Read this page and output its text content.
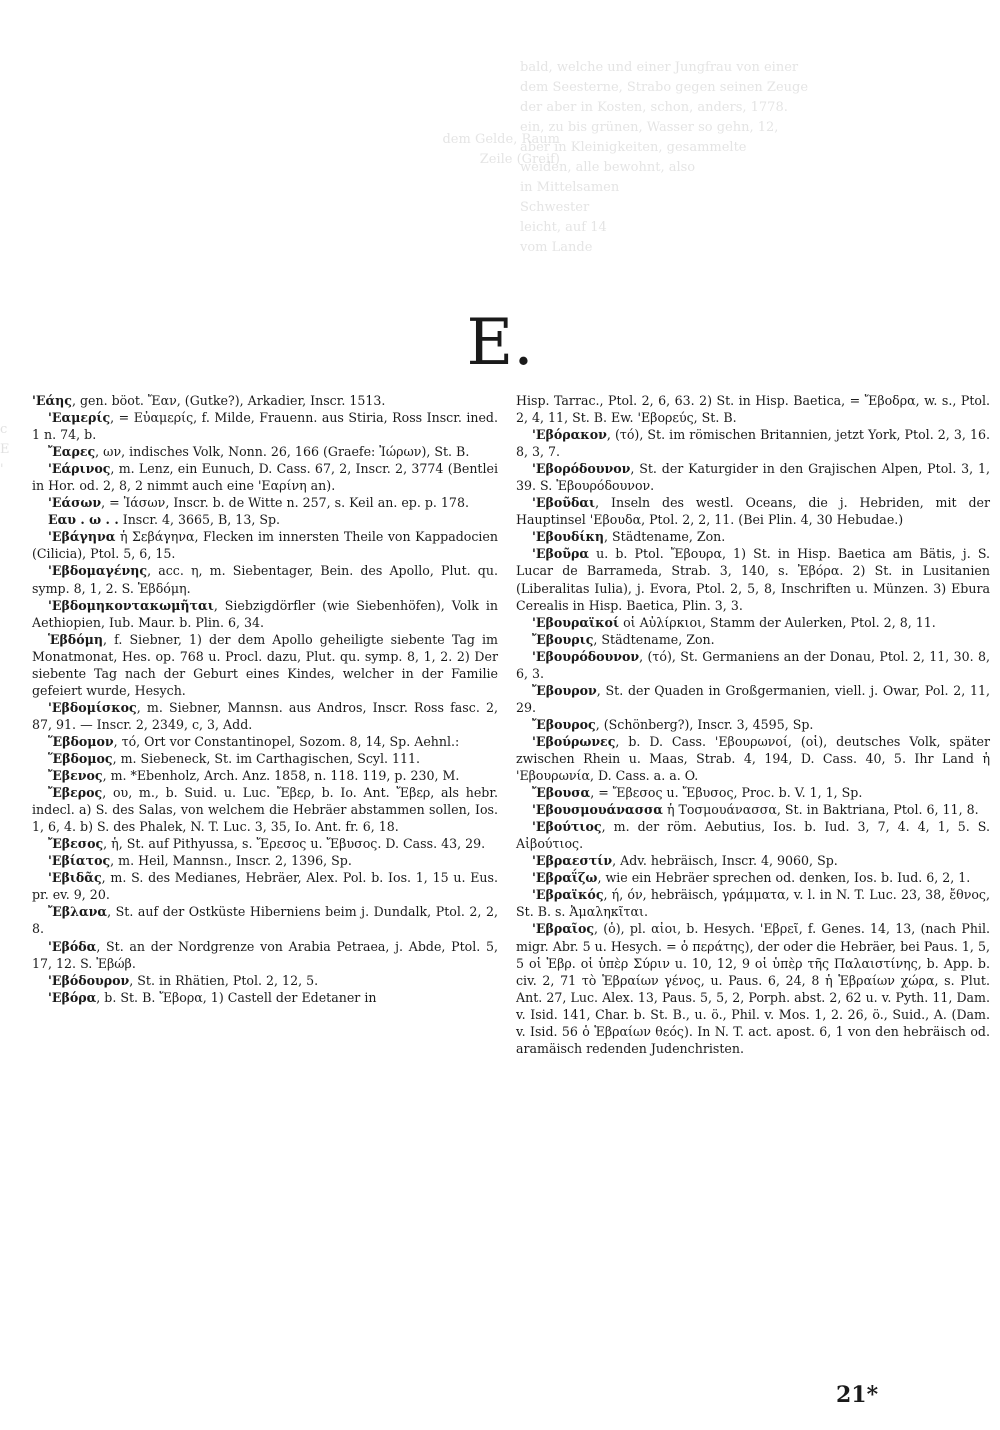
bald, welche und einer Jungfrau von einer
dem Seesterne, Strabo gegen seinen Zeuge
der aber in Kosten, schon, anders, 1778.
ein, zu bis grünen, Wasser so gehn, 12,
aber in Kleinigkeiten, gesammelte
weiden, alle bewohnt, also
in Mittelsamen
Schwester
leicht, auf 14
vom Lande
dem Gelde, Raum
Zeile (Greif)
c
E
'
E.

'Εάης, gen. böot. Ἔαν, (Gutke?), Arkadier, Inscr. 1513.

'Εαμερίς, = Εὐαμερίς, f. Milde, Frauenn. aus Stiria, Ross Inscr. ined. 1 n. 74, b.

Ἔαρες, ων, indisches Volk, Nonn. 26, 166 (Graefe: Ἰώρων), St. B.

'Εάρινος, m. Lenz, ein Eunuch, D. Cass. 67, 2, Inscr. 2, 3774 (Bentlei in Hor. od. 2, 8, 2 nimmt auch eine 'Εαρίνη an).

'Εάσων, = Ἰάσων, Inscr. b. de Witte n. 257, s. Keil an. ep. p. 178.

Εαυ . ω . . Inscr. 4, 3665, B, 13, Sp.

'Εβάγηνα ἡ Σεβάγηνα, Flecken im innersten Theile von Kappadocien (Cilicia), Ptol. 5, 6, 15.

'Εβδομαγένης, acc. η, m. Siebentager, Bein. des Apollo, Plut. qu. symp. 8, 1, 2. S. Ἑβδόμη.

'Εβδομηκοντακωμῆται, Siebzigdörfler (wie Siebenhöfen), Volk in Aethiopien, Iub. Maur. b. Plin. 6, 34.

Ἑβδόμη, f. Siebner, 1) der dem Apollo geheiligte siebente Tag im Monatmonat, Hes. op. 768 u. Procl. dazu, Plut. qu. symp. 8, 1, 2. 2) Der siebente Tag nach der Geburt eines Kindes, welcher in der Familie gefeiert wurde, Hesych.

'Εβδομίσκος, m. Siebner, Mannsn. aus Andros, Inscr. Ross fasc. 2, 87, 91. — Inscr. 2, 2349, c, 3, Add.

Ἕβδομον, τό, Ort vor Constantinopel, Sozom. 8, 14, Sp. Aehnl.:

Ἕβδομος, m. Siebeneck, St. im Carthagischen, Scyl. 111.

Ἔβενος, m. *Ebenholz, Arch. Anz. 1858, n. 118. 119, p. 230, M.

Ἔβερος, ου, m., b. Suid. u. Luc. Ἔβερ, b. Io. Ant. Ἔβερ, als hebr. indecl. a) S. des Salas, von welchem die Hebräer abstammen sollen, Ios. 1, 6, 4. b) S. des Phalek, N. T. Luc. 3, 35, Io. Ant. fr. 6, 18.

Ἔβεσος, ἡ, St. auf Pithyussa, s. Ἔρεσος u. Ἔβυσος. D. Cass. 43, 29.

'Εβίατος, m. Heil, Mannsn., Inscr. 2, 1396, Sp.

'Εβιδᾶς, m. S. des Medianes, Hebräer, Alex. Pol. b. Ios. 1, 15 u. Eus. pr. ev. 9, 20.

Ἔβλανα, St. auf der Ostküste Hiberniens beim j. Dundalk, Ptol. 2, 2, 8.

'Εβόδα, St. an der Nordgrenze von Arabia Petraea, j. Abde, Ptol. 5, 17, 12. S. Ἐβώβ.

'Εβόδουρον, St. in Rhätien, Ptol. 2, 12, 5.

'Εβόρα, b. St. B. Ἔβορα, 1) Castell der Edetaner in

Hisp. Tarrac., Ptol. 2, 6, 63. 2) St. in Hisp. Baetica, = Ἔβοδρα, w. s., Ptol. 2, 4, 11, St. B. Ew. 'Εβορεύς, St. B.

'Εβόρακον, (τό), St. im römischen Britannien, jetzt York, Ptol. 2, 3, 16. 8, 3, 7.

'Εβορόδουνον, St. der Katurgider in den Grajischen Alpen, Ptol. 3, 1, 39. S. Ἐβουρόδουνον.

'Εβοῦδαι, Inseln des westl. Oceans, die j. Hebriden, mit der Hauptinsel 'Εβουδα, Ptol. 2, 2, 11. (Bei Plin. 4, 30 Hebudae.)

'Εβουδίκη, Städtename, Zon.

'Εβοῦρα u. b. Ptol. Ἔβουρα, 1) St. in Hisp. Baetica am Bätis, j. S. Lucar de Barrameda, Strab. 3, 140, s. Ἐβόρα. 2) St. in Lusitanien (Liberalitas Iulia), j. Evora, Ptol. 2, 5, 8, Inschriften u. Münzen. 3) Ebura Cerealis in Hisp. Baetica, Plin. 3, 3.

'Εβουραϊκοί οἱ Αὐλίρκιοι, Stamm der Aulerken, Ptol. 2, 8, 11.

Ἔβουρις, Städtename, Zon.

'Εβουρόδουνον, (τό), St. Germaniens an der Donau, Ptol. 2, 11, 30. 8, 6, 3.

Ἔβουρον, St. der Quaden in Großgermanien, viell. j. Owar, Pol. 2, 11, 29.

Ἔβουρος, (Schönberg?), Inscr. 3, 4595, Sp.

'Εβούρωνες, b. D. Cass. 'Εβουρωνοί, (οἱ), deutsches Volk, später zwischen Rhein u. Maas, Strab. 4, 194, D. Cass. 40, 5. Ihr Land ἡ 'Εβουρωνία, D. Cass. a. a. O.

Ἔβουσα, = Ἔβεσος u. Ἔβυσος, Proc. b. V. 1, 1, Sp.

'Εβουσμουάνασσα ἡ Τοσμουάνασσα, St. in Baktriana, Ptol. 6, 11, 8.

'Εβούτιος, m. der röm. Aebutius, Ios. b. Iud. 3, 7, 4. 4, 1, 5. S. Αἰβούτιος.

'Εβραεστίν, Adv. hebräisch, Inscr. 4, 9060, Sp.

'Εβραΐζω, wie ein Hebräer sprechen od. denken, Ios. b. Iud. 6, 2, 1.

'Εβραϊκός, ή, όν, hebräisch, γράμματα, v. l. in N. T. Luc. 23, 38, ἔθνος, St. B. s. Ἀμαληκῖται.

'Εβραῖος, (ὁ), pl. αἰοι, b. Hesych. 'Εβρεῖ, f. Genes. 14, 13, (nach Phil. migr. Abr. 5 u. Hesych. = ὁ περάτης), der oder die Hebräer, bei Paus. 1, 5, 5 οἱ Ἑβρ. οἱ ὑπὲρ Σύριν u. 10, 12, 9 οἱ ὑπὲρ τῆς Παλαιστίνης, b. App. b. civ. 2, 71 τὸ Ἑβραίων γένος, u. Paus. 6, 24, 8 ἡ Ἑβραίων χώρα, s. Plut. Ant. 27, Luc. Alex. 13, Paus. 5, 5, 2, Porph. abst. 2, 62 u. v. Pyth. 11, Dam. v. Isid. 141, Char. b. St. B., u. ö., Phil. v. Mos. 1, 2. 26, ö., Suid., A. (Dam. v. Isid. 56 ὁ Ἑβραίων θεός). In N. T. act. apost. 6, 1 von den hebräisch od. aramäisch redenden Judenchristen.

21*
